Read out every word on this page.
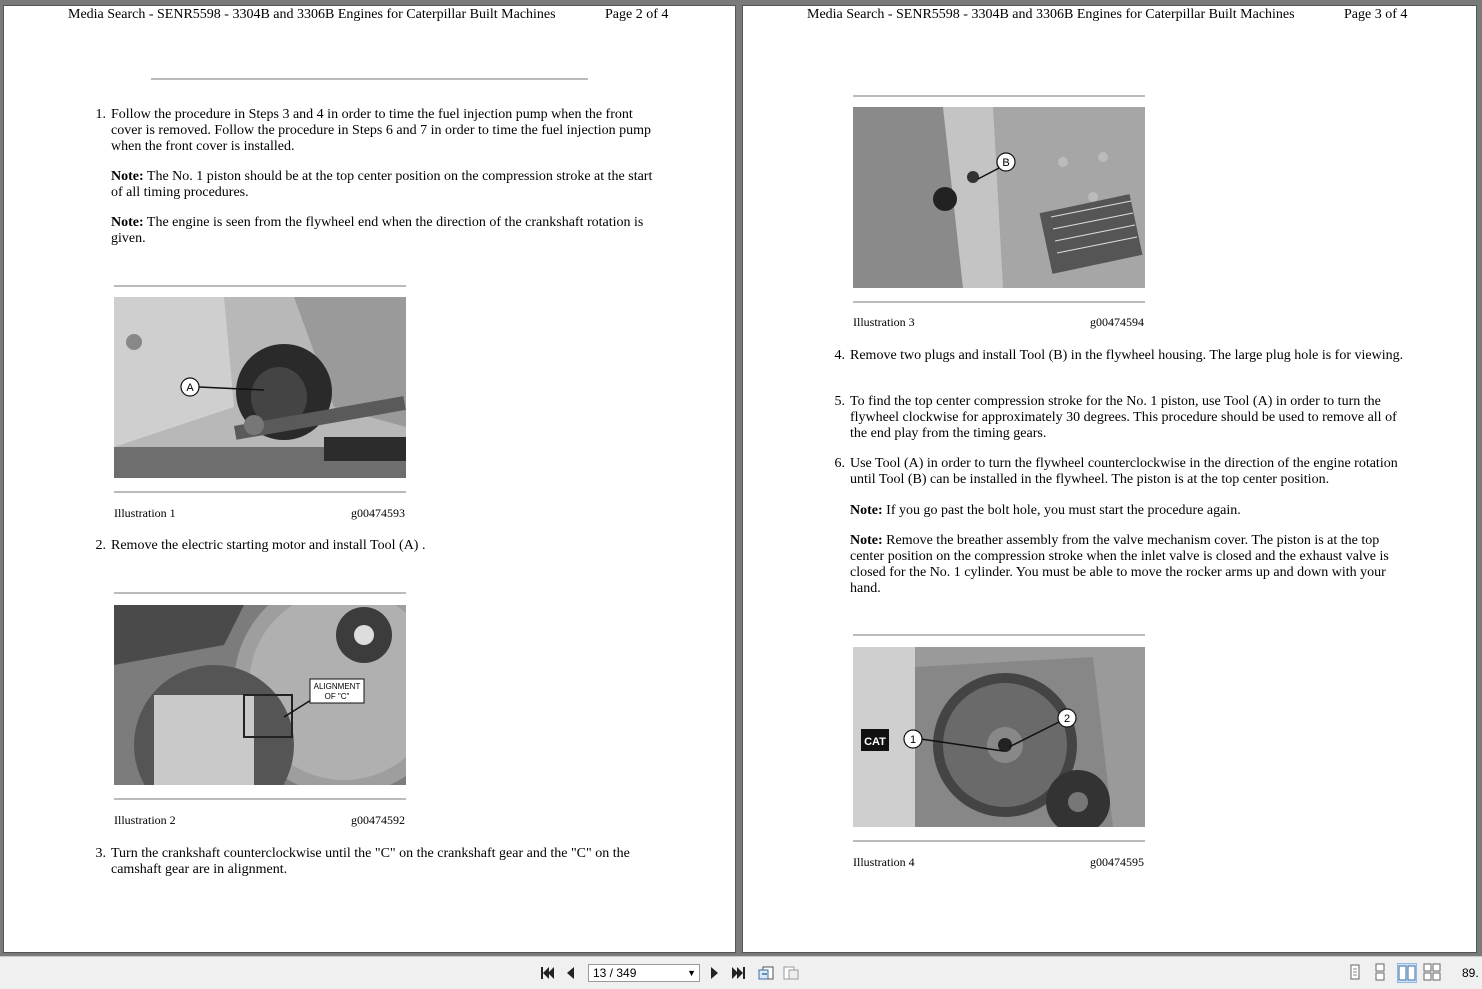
Media Search - SENR5598 - 3304B and 3306B Engines for Caterpillar Built Machines	Page 2 of 4
1. Follow the procedure in Steps 3 and 4 in order to time the fuel injection pump when the front cover is removed. Follow the procedure in Steps 6 and 7 in order to time the fuel injection pump when the front cover is installed.
Note: The No. 1 piston should be at the top center position on the compression stroke at the start of all timing procedures.
Note: The engine is seen from the flywheel end when the direction of the crankshaft rotation is given.
A
Illustration 1	g00474593
2. Remove the electric starting motor and install Tool (A) .
ALIGNMENT
OF "C"
Illustration 2	g00474592
3. Turn the crankshaft counterclockwise until the "C" on the crankshaft gear and the "C" on the camshaft gear are in alignment.
Media Search - SENR5598 - 3304B and 3306B Engines for Caterpillar Built Machines	Page 3 of 4
B
Illustration 3	g00474594
4. Remove two plugs and install Tool (B) in the flywheel housing. The large plug hole is for viewing.
5. To find the top center compression stroke for the No. 1 piston, use Tool (A) in order to turn the flywheel clockwise for approximately 30 degrees. This procedure should be used to remove all of the end play from the timing gears.
6. Use Tool (A) in order to turn the flywheel counterclockwise in the direction of the engine rotation until Tool (B) can be installed in the flywheel. The piston is at the top center position.
Note: If you go past the bolt hole, you must start the procedure again.
Note: Remove the breather assembly from the valve mechanism cover. The piston is at the top center position on the compression stroke when the inlet valve is closed and the exhaust valve is closed for the No. 1 cylinder. You must be able to move the rocker arms up and down with your hand.
CAT 1
2
Illustration 4	g00474595
13 / 349	▼	89.
